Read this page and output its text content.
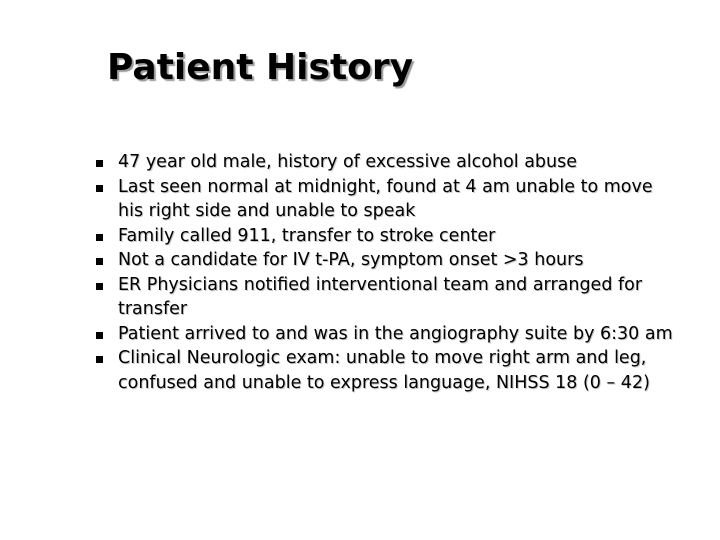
Patient History
47 year old male, history of excessive alcohol abuse
Last seen normal at midnight, found at 4 am unable to move his right side and unable to speak
Family called 911, transfer to stroke center
Not a candidate for IV t-PA, symptom onset >3 hours
ER Physicians notified interventional team and arranged for transfer
Patient arrived to and was in the angiography suite by 6:30 am
Clinical Neurologic exam: unable to move right arm and leg, confused and unable to express language, NIHSS 18 (0 – 42)
